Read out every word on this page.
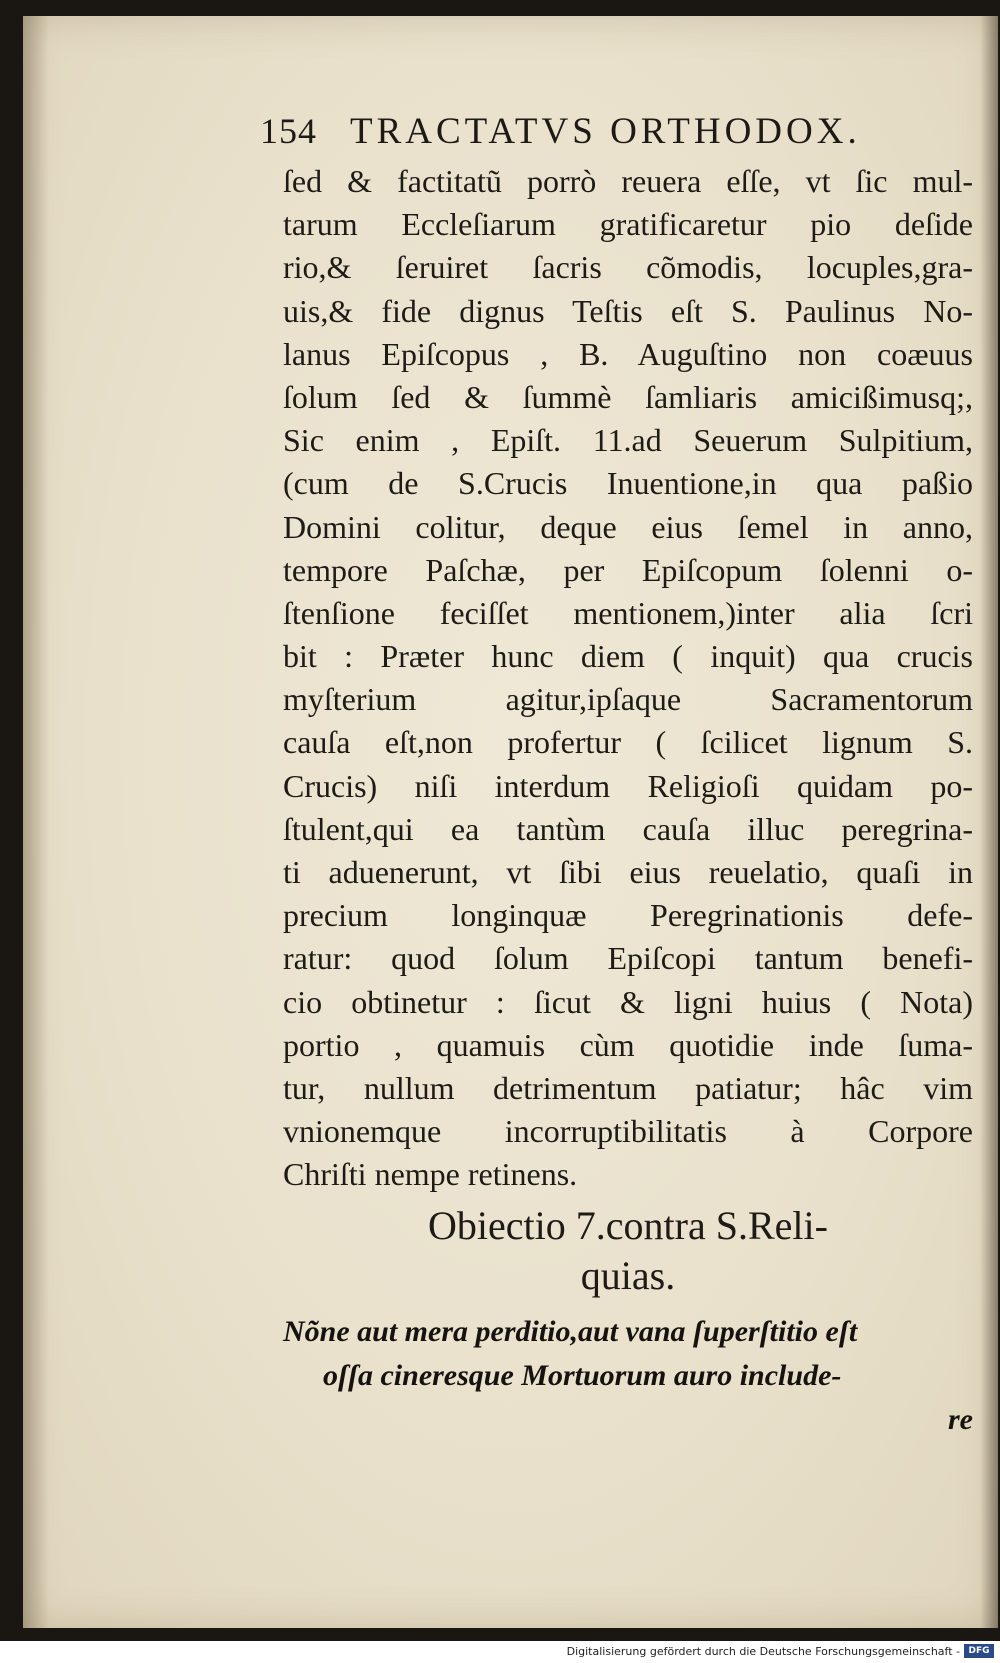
154 TRACTATVS ORTHODOX.
ſed & factitatũ porrò reuera eſſe, vt ſic mul-
tarum Eccleſiarum gratificaretur pio deſide
rio,& ſeruiret ſacris cõmodis, locuples,gra-
uis,& fide dignus Teſtis eſt S. Paulinus No-
lanus Epiſcopus , B. Auguſtino non coæuus
ſolum ſed & ſummè ſamliaris amicißimusq;,
Sic enim , Epiſt. 11.ad Seuerum Sulpitium,
(cum de S.Crucis Inuentione,in qua paßio
Domini colitur, deque eius ſemel in anno,
tempore Paſchæ, per Epiſcopum ſolenni o-
ſtenſione feciſſet mentionem,)inter alia ſcri
bit : Præter hunc diem ( inquit) qua crucis
myſterium agitur,ipſaque Sacramentorum
cauſa eſt,non profertur ( ſcilicet lignum S.
Crucis) niſi interdum Religioſi quidam po-
ſtulent,qui ea tantùm cauſa illuc peregrina-
ti aduenerunt, vt ſibi eius reuelatio, quaſi in
precium longinquæ Peregrinationis defe-
ratur: quod ſolum Epiſcopi tantum benefi-
cio obtinetur : ſicut & ligni huius ( Nota)
portio , quamuis cùm quotidie inde ſuma-
tur, nullum detrimentum patiatur; hâc vim
vnionemque incorruptibilitatis à Corpore
Chriſti nempe retinens.
Obiectio 7.contra S.Reli-
quias.
Nõne aut mera perditio,aut vana ſuperſtitio eſt
oſſa cineresque Mortuorum auro include-
re
Digitalisierung gefördert durch die Deutsche Forschungsgemeinschaft - DFG
